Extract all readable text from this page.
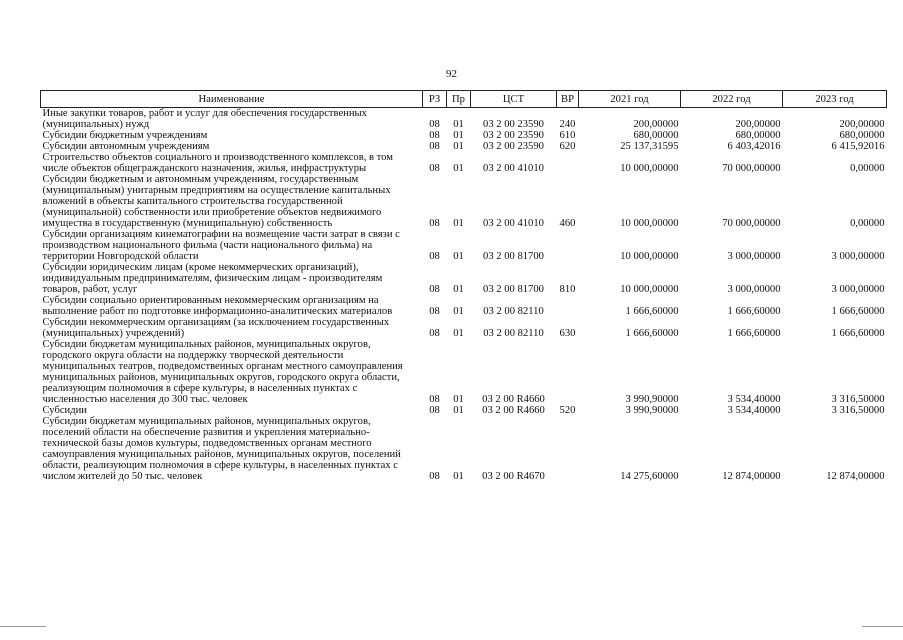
92
Наименование	РЗ	Пр	ЦСТ	ВР	2021 год	2022 год	2023 год
Иные закупки товаров, работ и услуг для обеспечения государственных (муниципальных) нужд	08	01	03 2 00 23590	240	200,00000	200,00000	200,00000
Субсидии бюджетным учреждениям	08	01	03 2 00 23590	610	680,00000	680,00000	680,00000
Субсидии автономным учреждениям	08	01	03 2 00 23590	620	25 137,31595	6 403,42016	6 415,92016
Строительство объектов социального и производственного комплексов, в том числе объектов общегражданского назначения, жилья, инфраструктуры	08	01	03 2 00 41010		10 000,00000	70 000,00000	0,00000
Субсидии бюджетным и автономным учреждениям, государственным (муниципальным) унитарным предприятиям на осуществление капитальных вложений в объекты капитального строительства государственной (муниципальной) собственности или приобретение объектов недвижимого имущества в государственную (муниципальную) собственность	08	01	03 2 00 41010	460	10 000,00000	70 000,00000	0,00000
Субсидии организациям кинематографии на возмещение части затрат в связи с производством национального фильма (части национального фильма) на территории Новгородской области	08	01	03 2 00 81700		10 000,00000	3 000,00000	3 000,00000
Субсидии юридическим лицам (кроме некоммерческих организаций), индивидуальным предпринимателям, физическим лицам - производителям товаров, работ, услуг	08	01	03 2 00 81700	810	10 000,00000	3 000,00000	3 000,00000
Субсидии социально ориентированным некоммерческим организациям на выполнение работ по подготовке информационно-аналитических материалов	08	01	03 2 00 82110		1 666,60000	1 666,60000	1 666,60000
Субсидии некоммерческим организациям (за исключением государственных (муниципальных) учреждений)	08	01	03 2 00 82110	630	1 666,60000	1 666,60000	1 666,60000
Субсидии бюджетам муниципальных районов, муниципальных округов, городского округа области на поддержку творческой деятельности муниципальных театров, подведомственных органам местного самоуправления муниципальных районов, муниципальных округов, городского округа области, реализующим полномочия в сфере культуры, в населенных пунктах с численностью населения до 300 тыс. человек	08	01	03 2 00 R4660		3 990,90000	3 534,40000	3 316,50000
Субсидии	08	01	03 2 00 R4660	520	3 990,90000	3 534,40000	3 316,50000
Субсидии бюджетам муниципальных районов, муниципальных округов, поселений области на обеспечение развития и укрепления материально-технической базы домов культуры, подведомственных органам местного самоуправления муниципальных районов, муниципальных округов, поселений области, реализующим полномочия в сфере культуры, в населенных пунктах с числом жителей до 50 тыс. человек	08	01	03 2 00 R4670		14 275,60000	12 874,00000	12 874,00000
